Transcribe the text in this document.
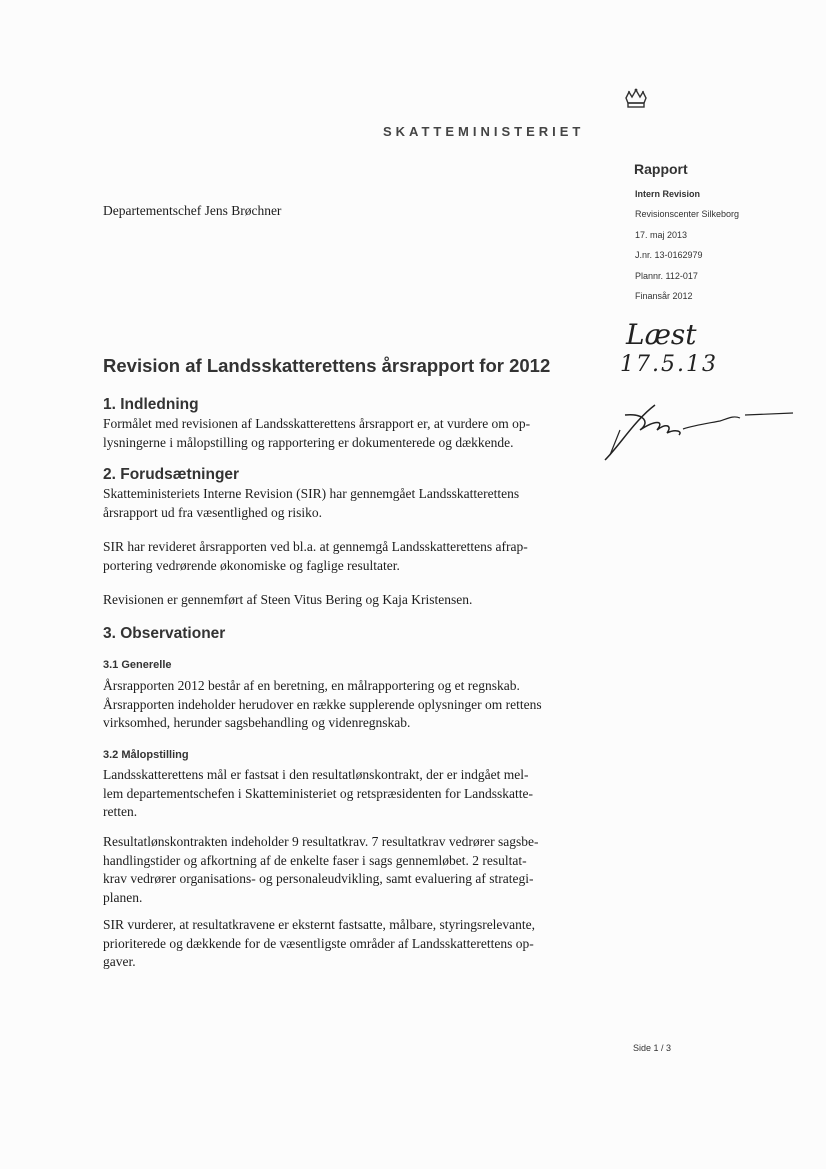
SKATTEMINISTERIET
Rapport
Intern Revision
Revisionscenter Silkeborg
17. maj 2013
J.nr. 13-0162979
Plannr. 112-017
Finansår 2012
Departementschef Jens Brøchner
Læst
17.5.13
Revision af Landsskatterettens årsrapport for 2012
1. Indledning
Formålet med revisionen af Landsskatterettens årsrapport er, at vurdere om op-
lysningerne i målopstilling og rapportering er dokumenterede og dækkende.
2. Forudsætninger
Skatteministeriets Interne Revision (SIR) har gennemgået Landsskatterettens
årsrapport ud fra væsentlighed og risiko.
SIR har revideret årsrapporten ved bl.a. at gennemgå Landsskatterettens afrap-
portering vedrørende økonomiske og faglige resultater.
Revisionen er gennemført af Steen Vitus Bering og Kaja Kristensen.
3. Observationer
3.1 Generelle
Årsrapporten 2012 består af en beretning, en målrapportering og et regnskab.
Årsrapporten indeholder herudover en række supplerende oplysninger om rettens
virksomhed, herunder sagsbehandling og videnregnskab.
3.2 Målopstilling
Landsskatterettens mål er fastsat i den resultatlønskontrakt, der er indgået mel-
lem departementschefen i Skatteministeriet og retspræsidenten for Landsskatte-
retten.
Resultatlønskontrakten indeholder 9 resultatkrav. 7 resultatkrav vedrører sagsbe-
handlingstider og afkortning af de enkelte faser i sags gennemløbet. 2 resultat-
krav vedrører organisations- og personaleudvikling, samt evaluering af strategi-
planen.
SIR vurderer, at resultatkravene er eksternt fastsatte, målbare, styringsrelevante,
prioriterede og dækkende for de væsentligste områder af Landsskatterettens op-
gaver.
Side 1 / 3
